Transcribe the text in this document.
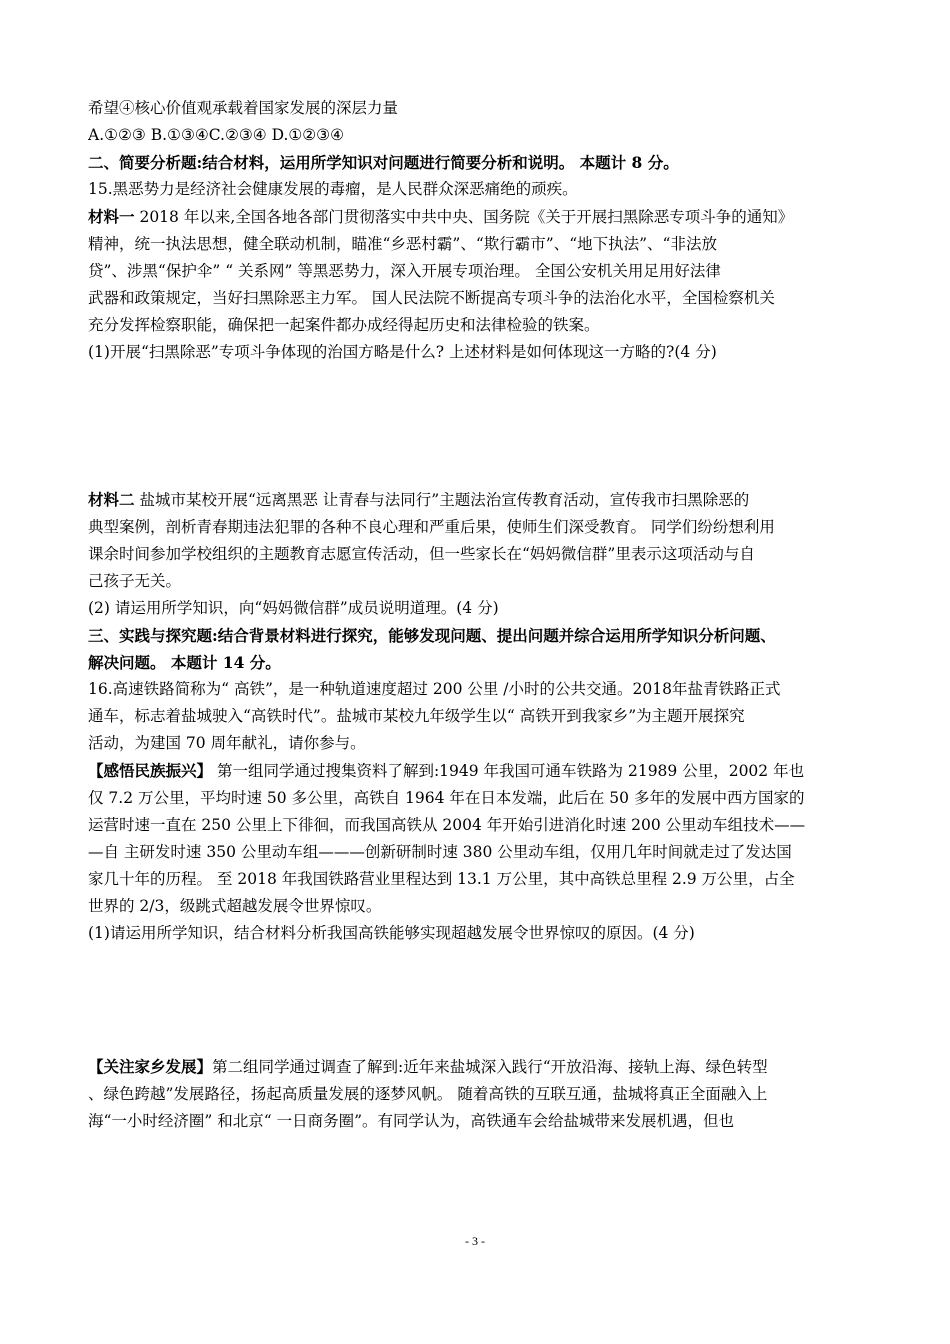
希望④核心价值观承载着国家发展的深层力量
A.①②③ B.①③④C.②③④ D.①②③④
二、简要分析题:结合材料，运用所学知识对问题进行简要分析和说明。 本题计 8 分。
15.黑恶势力是经济社会健康发展的毒瘤，是人民群众深恶痛绝的顽疾。
材料一 2018 年以来,全国各地各部门贯彻落实中共中央、国务院《关于开展扫黑除恶专项斗争的通知》
精神，统一执法思想，健全联动机制，瞄准“乡恶村霸”、“欺行霸市”、“地下执法”、“非法放
贷”、涉黑“保护伞” “ 关系网” 等黑恶势力，深入开展专项治理。 全国公安机关用足用好法律
武器和政策规定，当好扫黑除恶主力军。 国人民法院不断提高专项斗争的法治化水平，全国检察机关
充分发挥检察职能，确保把一起案件都办成经得起历史和法律检验的铁案。
(1)开展“扫黑除恶”专项斗争体现的治国方略是什么? 上述材料是如何体现这一方略的?(4 分)
材料二 盐城市某校开展“远离黑恶 让青春与法同行”主题法治宣传教育活动，宣传我市扫黑除恶的
典型案例，剖析青春期违法犯罪的各种不良心理和严重后果，使师生们深受教育。 同学们纷纷想利用
课余时间参加学校组织的主题教育志愿宣传活动，但一些家长在“妈妈微信群”里表示这项活动与自
己孩子无关。
(2) 请运用所学知识，向“妈妈微信群”成员说明道理。(4 分)
三、实践与探究题:结合背景材料进行探究，能够发现问题、提出问题并综合运用所学知识分析问题、
解决问题。 本题计 14 分。
16.高速铁路简称为“ 高铁”，是一种轨道速度超过 200 公里 /小时的公共交通。2018年盐青铁路正式
通车，标志着盐城驶入“高铁时代”。盐城市某校九年级学生以“ 高铁开到我家乡”为主题开展探究
活动，为建国 70 周年献礼，请你参与。
【感悟民族振兴】 第一组同学通过搜集资料了解到:1949 年我国可通车铁路为 21989 公里，2002 年也
仅 7.2 万公里，平均时速 50 多公里，高铁自 1964 年在日本发端，此后在 50 多年的发展中西方国家的
运营时速一直在 250 公里上下徘徊，而我国高铁从 2004 年开始引进消化时速 200 公里动车组技术——
—自 主研发时速 350 公里动车组———创新研制时速 380 公里动车组，仅用几年时间就走过了发达国
家几十年的历程。 至 2018 年我国铁路营业里程达到 13.1 万公里，其中高铁总里程 2.9 万公里，占全
世界的 2/3，级跳式超越发展令世界惊叹。
(1)请运用所学知识，结合材料分析我国高铁能够实现超越发展令世界惊叹的原因。(4 分)
【关注家乡发展】第二组同学通过调查了解到:近年来盐城深入践行“开放沿海、接轨上海、绿色转型
、绿色跨越”发展路径，扬起高质量发展的逐梦风帆。 随着高铁的互联互通，盐城将真正全面融入上
海“一小时经济圈” 和北京“ 一日商务圈”。有同学认为，高铁通车会给盐城带来发展机遇，但也
- 3 -
